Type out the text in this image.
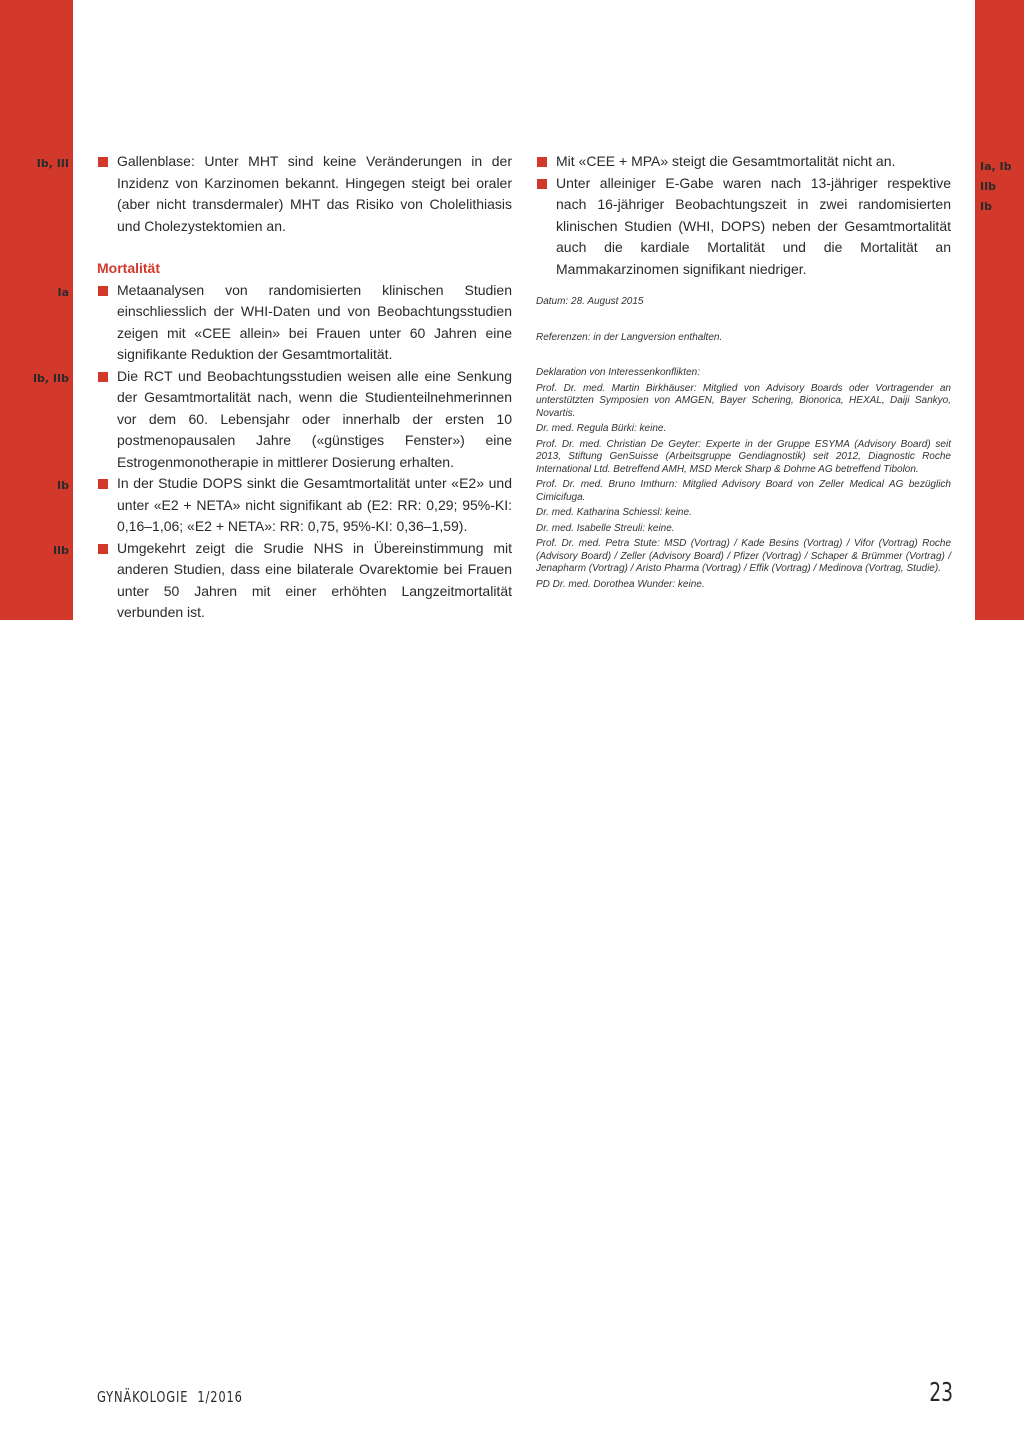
Ib, III
Ia
Ib, IIb
Ib
IIb
Ia, Ib
IIb
Ib
Gallenblase: Unter MHT sind keine Veränderungen in der Inzidenz von Karzinomen bekannt. Hingegen steigt bei oraler (aber nicht transdermaler) MHT das Risiko von Cholelithiasis und Cholezystektomien an.
Mortalität
Metaanalysen von randomisierten klinischen Studien einschliesslich der WHI-Daten und von Beobachtungsstudien zeigen mit «CEE allein» bei Frauen unter 60 Jahren eine signifikante Reduktion der Gesamtmortalität.
Die RCT und Beobachtungsstudien weisen alle eine Senkung der Gesamtmortalität nach, wenn die Studienteilnehmerinnen vor dem 60. Lebensjahr oder innerhalb der ersten 10 postmenopausalen Jahre («günstiges Fenster») eine Estrogenmonotherapie in mittlerer Dosierung erhalten.
In der Studie DOPS sinkt die Gesamtmortalität unter «E2» und unter «E2 + NETA» nicht signifikant ab (E2: RR: 0,29; 95%-KI: 0,16–1,06; «E2 + NETA»: RR: 0,75, 95%-KI: 0,36–1,59).
Umgekehrt zeigt die Srudie NHS in Übereinstimmung mit anderen Studien, dass eine bilaterale Ovarektomie bei Frauen unter 50 Jahren mit einer erhöhten Langzeitmortalität verbunden ist.
Mit «CEE + MPA» steigt die Gesamtmortalität nicht an.
Unter alleiniger E-Gabe waren nach 13-jähriger respektive nach 16-jähriger Beobachtungszeit in zwei randomisierten klinischen Studien (WHI, DOPS) neben der Gesamtmortalität auch die kardiale Mortalität und die Mortalität an Mammakarzinomen signifikant niedriger.
Datum: 28. August 2015
Referenzen: in der Langversion enthalten.
Deklaration von Interessenkonflikten:
Prof. Dr. med. Martin Birkhäuser: Mitglied von Advisory Boards oder Vortragender an unterstützten Symposien von AMGEN, Bayer Schering, Bionorica, HEXAL, Daiji Sankyo, Novartis.
Dr. med. Regula Bürki: keine.
Prof. Dr. med. Christian De Geyter: Experte in der Gruppe ESYMA (Advisory Board) seit 2013, Stiftung GenSuisse (Arbeitsgruppe Gendiagnostik) seit 2012, Diagnostic Roche International Ltd. Betreffend AMH, MSD Merck Sharp & Dohme AG betreffend Tibolon.
Prof. Dr. med. Bruno Imthurn: Mitglied Advisory Board von Zeller Medical AG bezüglich Cimicifuga.
Dr. med. Katharina Schiessl: keine.
Dr. med. Isabelle Streuli: keine.
Prof. Dr. med. Petra Stute: MSD (Vortrag) / Kade Besins (Vortrag) / Vifor (Vortrag) Roche (Advisory Board) / Zeller (Advisory Board) / Pfizer (Vortrag) / Schaper & Brümmer (Vortrag) / Jenapharm (Vortrag) / Aristo Pharma (Vortrag) / Effik (Vortrag) / Medinova (Vortrag, Studie).
PD Dr. med. Dorothea Wunder: keine.
GYNÄKOLOGIE  1/2016	23
